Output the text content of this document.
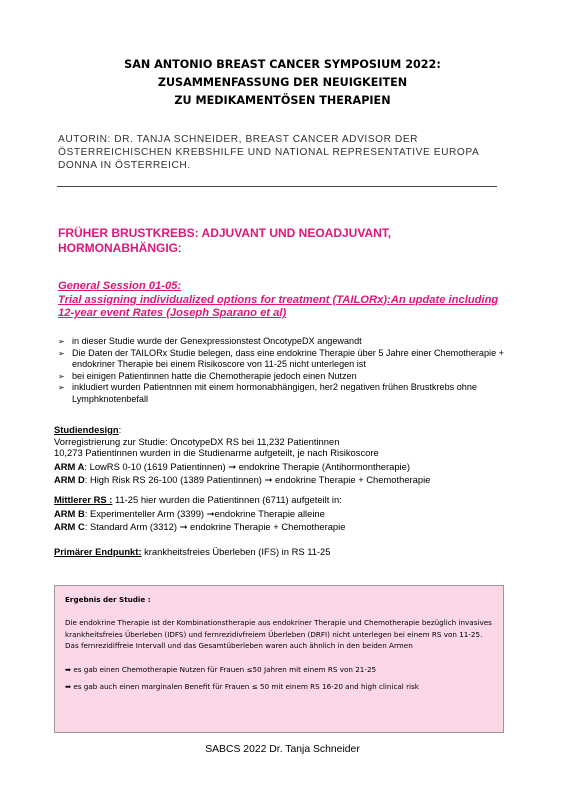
SAN ANTONIO BREAST CANCER SYMPOSIUM 2022:
ZUSAMMENFASSUNG DER NEUIGKEITEN
ZU MEDIKAMENTÖSEN THERAPIEN
AUTORIN: DR. TANJA SCHNEIDER, BREAST CANCER ADVISOR DER ÖSTERREICHISCHEN KREBSHILFE UND NATIONAL REPRESENTATIVE EUROPA DONNA IN ÖSTERREICH.
FRÜHER BRUSTKREBS: ADJUVANT UND NEOADJUVANT, HORMONABHÄNGIG:
General Session 01-05:
Trial assigning individualized options for treatment (TAILORx):An update including 12-year event Rates (Joseph Sparano et al)
➢ in dieser Studie wurde der Genexpressionstest OncotypeDX angewandt
➢ Die Daten der TAILORx Studie belegen, dass eine endokrine Therapie über 5 Jahre einer Chemotherapie + endokriner Therapie bei einem Risikoscore von 11-25 nicht unterlegen ist
➢ bei einigen Patientinnen hatte die Chemotherapie jedoch einen Nutzen
➢ inkludiert wurden Patientnnen mit einem hormonabhängigen, her2 negativen frühen Brustkrebs ohne Lymphknotenbefall
Studiendesign:
Vorregistrierung zur Studie: OncotypeDX RS bei 11,232 Patientinnen
10,273 Patientinnen wurden in die Studienarme aufgeteilt, je nach Risikoscore
ARM A: LowRS 0-10 (1619 Patientinnen) ➞ endokrine Therapie (Antihormontherapie)
ARM D: High Risk RS 26-100 (1389 Patientinnen) ➞ endokrine Therapie + Chemotherapie
Mittlerer RS : 11-25 hier wurden die Patientinnen (6711) aufgeteilt in:
ARM B: Experimenteller Arm (3399) ➞endokrine Therapie alleine
ARM C: Standard Arm (3312) ➞ endokrine Therapie + Chemotherapie
Primärer Endpunkt: krankheitsfreies Überleben (IFS) in RS 11-25

Ergebnis der Studie :

Die endokrine Therapie ist der Kombinationstherapie aus endokriner Therapie und Chemotherapie bezüglich invasives krankheitsfreies Überleben (IDFS) und fernrezidivfreiem Überleben (DRFI) nicht unterlegen bei einem RS von 11-25. Das fernrezidiffreie Intervall und das Gesamtüberleben waren auch ähnlich in den beiden Armen

➡ es gab einen Chemotherapie Nutzen für Frauen ≤50 Jahren mit einem RS von 21-25

➡ es gab auch einen marginalen Benefit für Frauen ≤ 50 mit einem RS 16-20 and high clinical risk

SABCS 2022 Dr. Tanja Schneider
